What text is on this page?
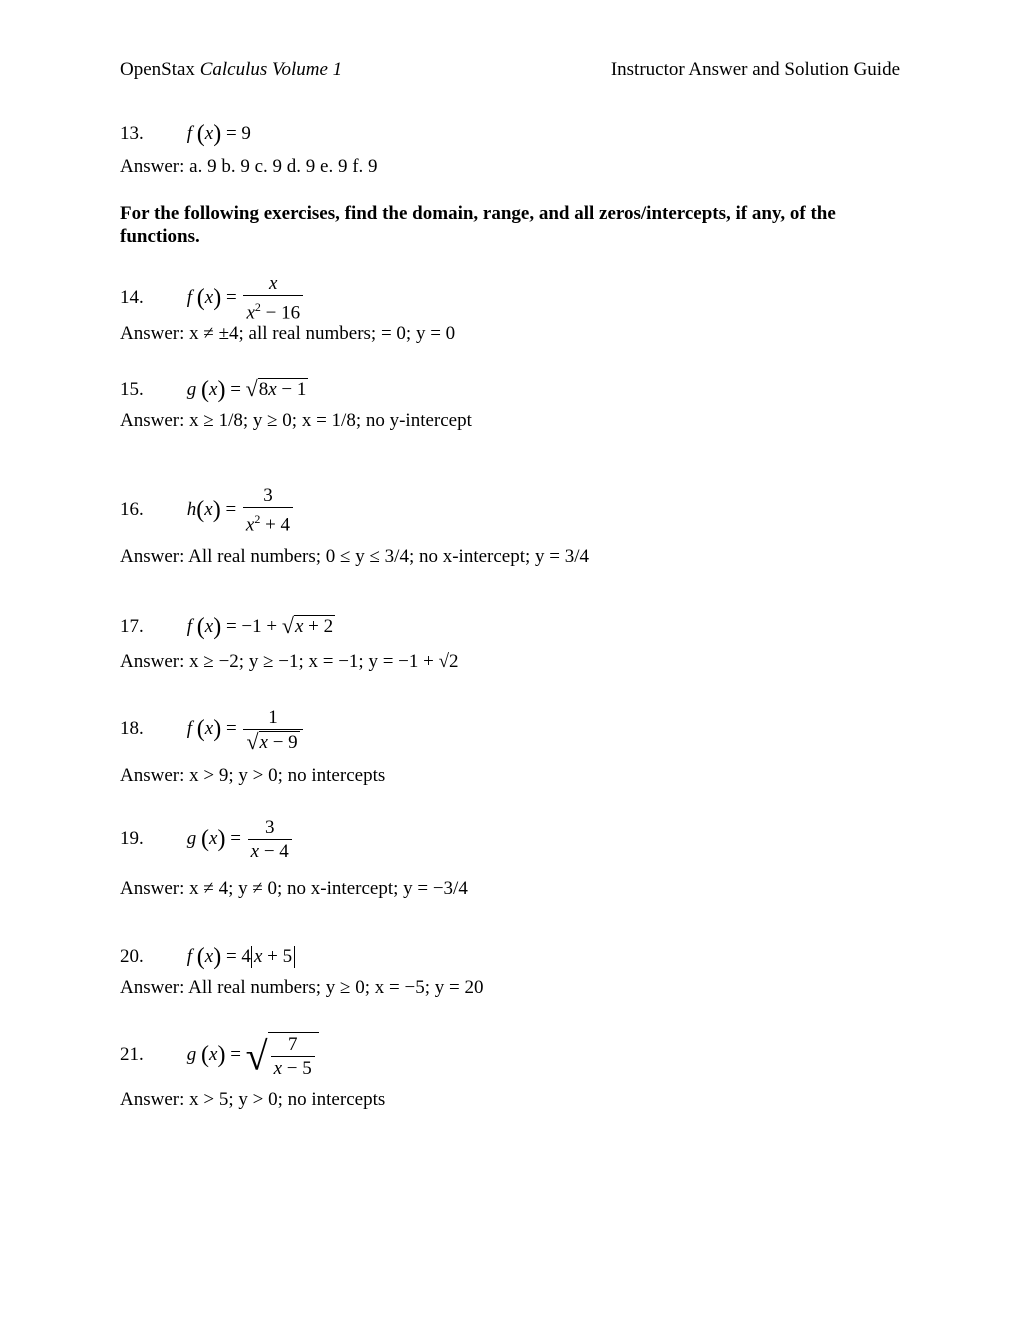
OpenStax Calculus Volume 1	Instructor Answer and Solution Guide
13. f (x) = 9
Answer: a. 9 b. 9 c. 9 d. 9 e. 9 f. 9
For the following exercises, find the domain, range, and all zeros/intercepts, if any, of the functions.
14. f $(x) = \frac{x}{x^2 - 16}$
Answer: x ≠ ±4; all real numbers; = 0; y = 0
15. g (x) = √8x − 1
Answer: x ≥ 1/8; y ≥ 0; x = 1/8; no y-intercept
16. $h(x) = \frac{3}{x^2 + 4}$
Answer: All real numbers; 0 ≤ y ≤ 3/4; no x-intercept; y = 3/4
17. f (x) = −1 + √x + 2
Answer: x ≥ −2; y ≥ −1; x = −1; y = −1 + √2
18. f $(x) = \frac{1}{√x - 9}$
Answer: x > 9; y > 0; no intercepts
19. g $(x) = \frac{3}{x - 4}$
Answer: x ≠ 4; y ≠ 0; no x-intercept; y = −3/4
20. f (x) = 4 x + 5
Answer: All real numbers; y ≥ 0; x = −5; y = 20
21. g (x) = √ $\frac{7}{x - 5}$
Answer: x > 5; y > 0; no intercepts
